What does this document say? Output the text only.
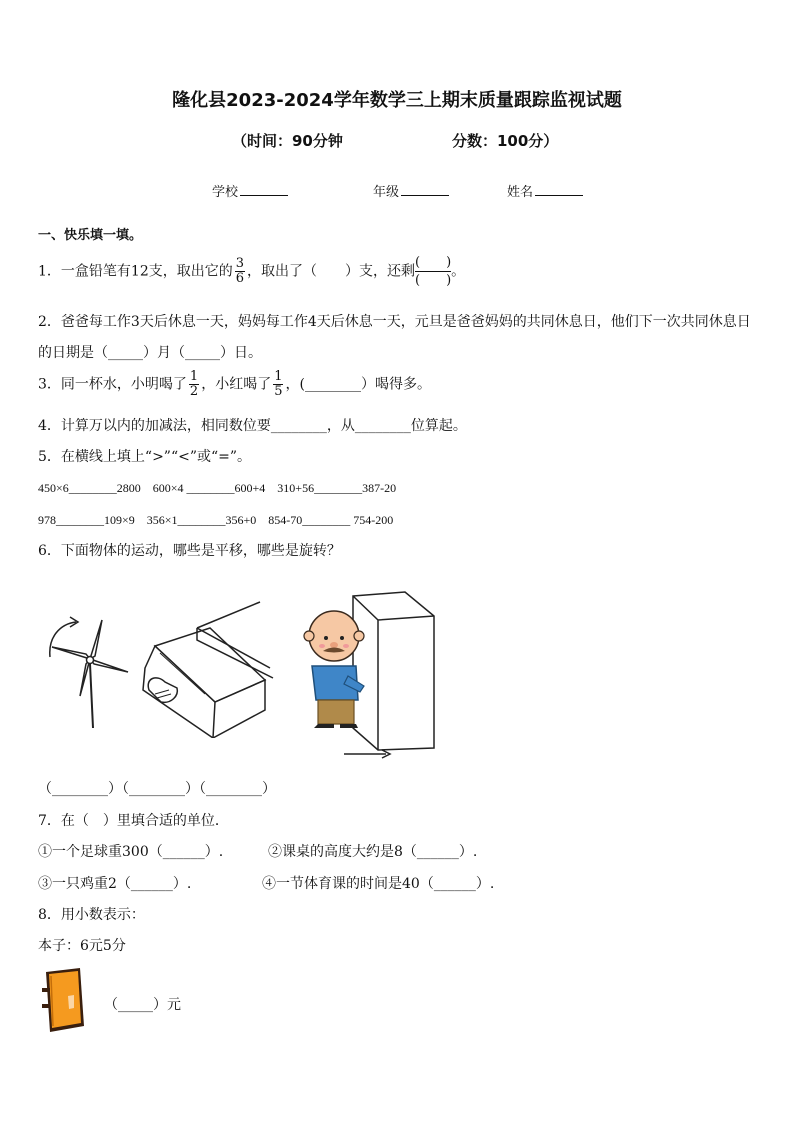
隆化县2023-2024学年数学三上期末质量跟踪监视试题
（时间：90分钟	分数：100分）
学校	年级	姓名
一、快乐填一填。
1．一盒铅笔有12支，取出它的 $\frac{3}{6}$ ，取出了（　　）支，还剩 $\frac{( )}{( )}$ 。
2．爸爸每工作3天后休息一天，妈妈每工作4天后休息一天，元旦是爸爸妈妈的共同休息日，他们下一次共同休息日
的日期是（_____）月（_____）日。
3．同一杯水，小明喝了 $\frac{1}{2}$ ，小红喝了 $\frac{1}{5}$ ，(________）喝得多。
4．计算万以内的加减法，相同数位要________，从________位算起。
5．在横线上填上“>”“<”或“=”。
450×6________2800　600×4 ________600+4　310+56________387-20
978________109×9　356×1________356+0　854-70________ 754-200
6．下面物体的运动，哪些是平移，哪些是旋转？
（________）（________）（________）
7．在（　）里填合适的单位．
①一个足球重300（______）.	②课桌的高度大约是8（______）.
③一只鸡重2（______）.	④一节体育课的时间是40（______）.
8．用小数表示：
本子：6元5分
（_____）元
